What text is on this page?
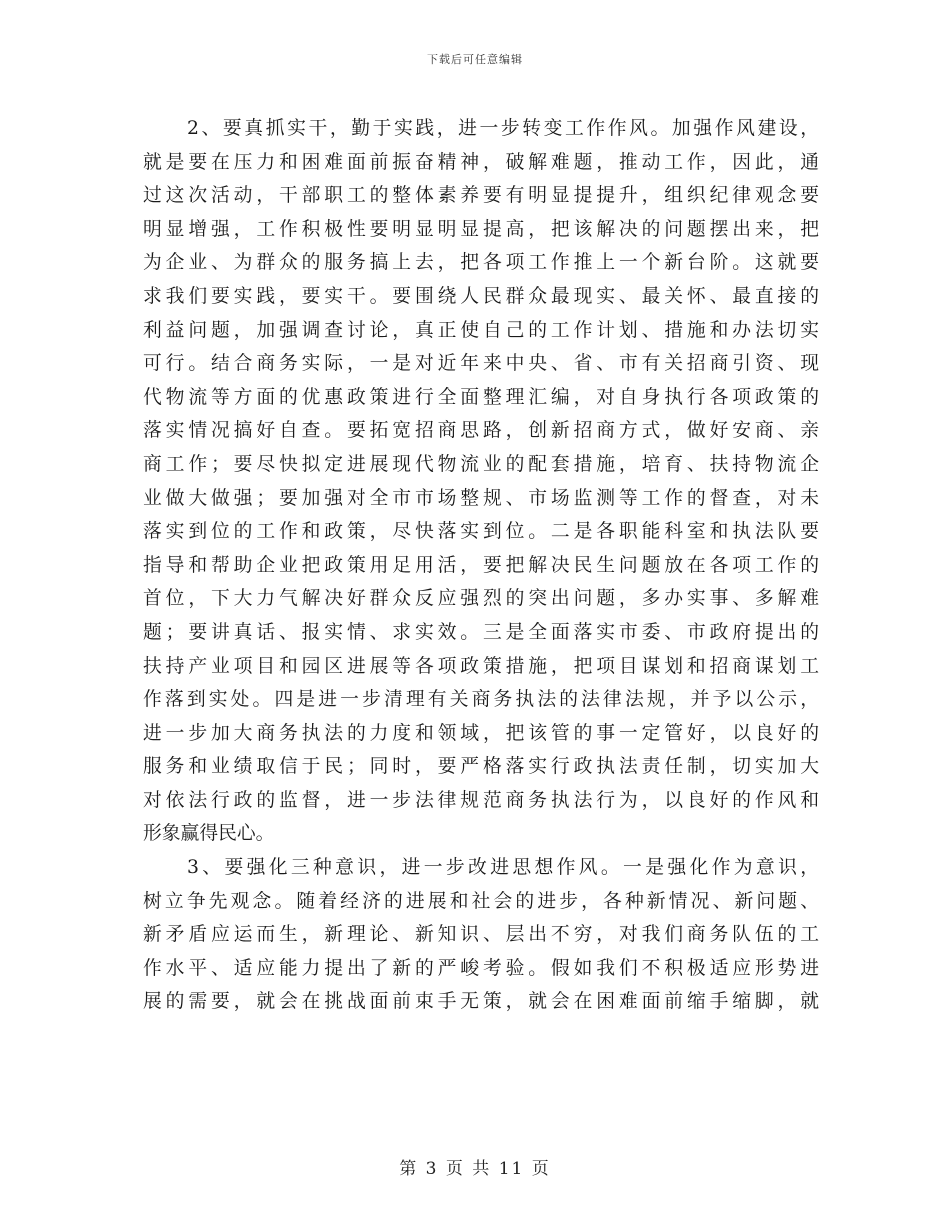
下载后可任意编辑
2、要真抓实干，勤于实践，进一步转变工作作风。加强作风建设，
就是要在压力和困难面前振奋精神，破解难题，推动工作，因此，通
过这次活动，干部职工的整体素养要有明显提提升，组织纪律观念要
明显增强，工作积极性要明显明显提高，把该解决的问题摆出来，把
为企业、为群众的服务搞上去，把各项工作推上一个新台阶。这就要
求我们要实践，要实干。要围绕人民群众最现实、最关怀、最直接的
利益问题，加强调查讨论，真正使自己的工作计划、措施和办法切实
可行。结合商务实际，一是对近年来中央、省、市有关招商引资、现
代物流等方面的优惠政策进行全面整理汇编，对自身执行各项政策的
落实情况搞好自查。要拓宽招商思路，创新招商方式，做好安商、亲
商工作；要尽快拟定进展现代物流业的配套措施，培育、扶持物流企
业做大做强；要加强对全市市场整规、市场监测等工作的督查，对未
落实到位的工作和政策，尽快落实到位。二是各职能科室和执法队要
指导和帮助企业把政策用足用活，要把解决民生问题放在各项工作的
首位，下大力气解决好群众反应强烈的突出问题，多办实事、多解难
题；要讲真话、报实情、求实效。三是全面落实市委、市政府提出的
扶持产业项目和园区进展等各项政策措施，把项目谋划和招商谋划工
作落到实处。四是进一步清理有关商务执法的法律法规，并予以公示，
进一步加大商务执法的力度和领域，把该管的事一定管好，以良好的
服务和业绩取信于民；同时，要严格落实行政执法责任制，切实加大
对依法行政的监督，进一步法律规范商务执法行为，以良好的作风和
形象赢得民心。
3、要强化三种意识，进一步改进思想作风。一是强化作为意识，
树立争先观念。随着经济的进展和社会的进步，各种新情况、新问题、
新矛盾应运而生，新理论、新知识、层出不穷，对我们商务队伍的工
作水平、适应能力提出了新的严峻考验。假如我们不积极适应形势进
展的需要，就会在挑战面前束手无策，就会在困难面前缩手缩脚，就
第 3 页 共 11 页
